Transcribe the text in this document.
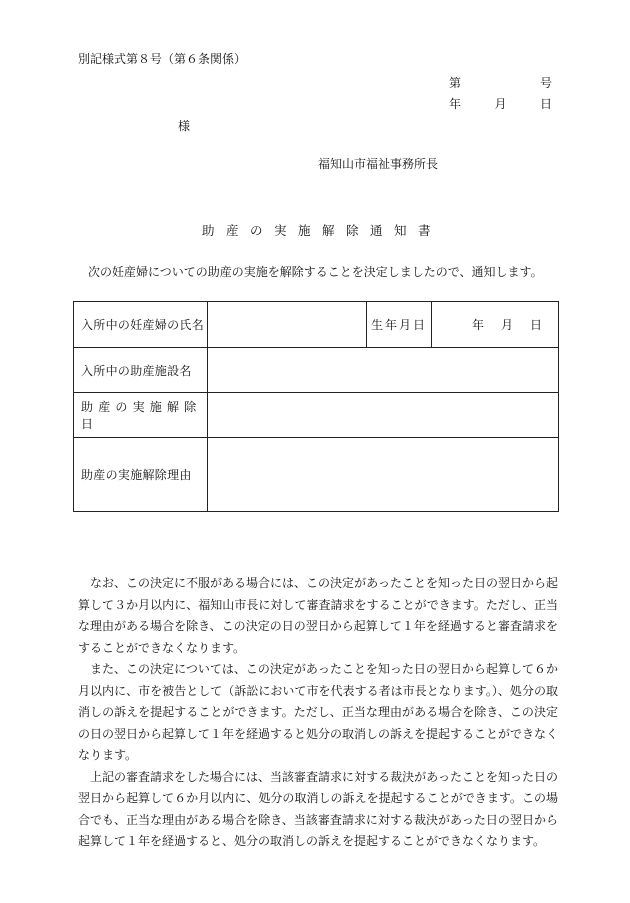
別記様式第８号（第６条関係）
第	号
年	月	日
様
福知山市福祉事務所長
助産の実施解除通知書
次の妊産婦についての助産の実施を解除することを決定しましたので、通知します。
入所中の妊産婦の氏名		生年月日	年 月 日

入所中の助産施設名			
助産の実施解除日			
助産の実施解除理由			

なお、この決定に不服がある場合には、この決定があったことを知った日の翌日から起算して３か月以内に、福知山市長に対して審査請求をすることができます。ただし、正当な理由がある場合を除き、この決定の日の翌日から起算して１年を経過すると審査請求をすることができなくなります。

また、この決定については、この決定があったことを知った日の翌日から起算して６か月以内に、市を被告として（訴訟において市を代表する者は市長となります。）、処分の取消しの訴えを提起することができます。ただし、正当な理由がある場合を除き、この決定の日の翌日から起算して１年を経過すると処分の取消しの訴えを提起することができなくなります。

上記の審査請求をした場合には、当該審査請求に対する裁決があったことを知った日の翌日から起算して６か月以内に、処分の取消しの訴えを提起することができます。この場合でも、正当な理由がある場合を除き、当該審査請求に対する裁決があった日の翌日から起算して１年を経過すると、処分の取消しの訴えを提起することができなくなります。
